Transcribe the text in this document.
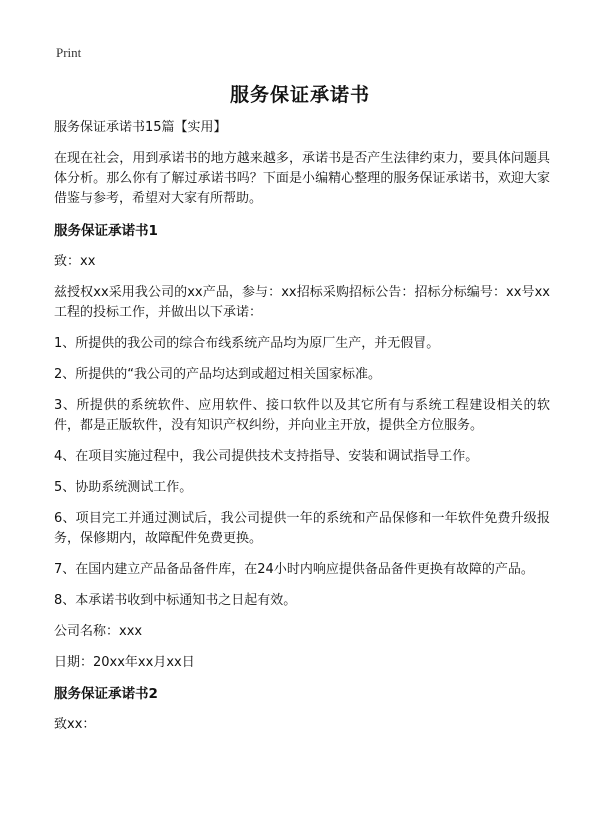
Print
服务保证承诺书

服务保证承诺书15篇【实用】

在现在社会，用到承诺书的地方越来越多，承诺书是否产生法律约束力，要具体问题具体分析。那么你有了解过承诺书吗？下面是小编精心整理的服务保证承诺书，欢迎大家借鉴与参考，希望对大家有所帮助。

服务保证承诺书1

致：xx

兹授权xx采用我公司的xx产品，参与：xx招标采购招标公告：招标分标编号：xx号xx工程的投标工作，并做出以下承诺：

1、所提供的我公司的综合布线系统产品均为原厂生产，并无假冒。

2、所提供的“我公司的产品均达到或超过相关国家标准。

3、所提供的系统软件、应用软件、接口软件以及其它所有与系统工程建设相关的软件，都是正版软件，没有知识产权纠纷，并向业主开放，提供全方位服务。

4、在项目实施过程中，我公司提供技术支持指导、安装和调试指导工作。

5、协助系统测试工作。

6、项目完工并通过测试后，我公司提供一年的系统和产品保修和一年软件免费升级报务，保修期内，故障配件免费更换。

7、在国内建立产品备品备件库，在24小时内响应提供备品备件更换有故障的产品。

8、本承诺书收到中标通知书之日起有效。

公司名称：xxx

日期：20xx年xx月xx日

服务保证承诺书2

致xx：
